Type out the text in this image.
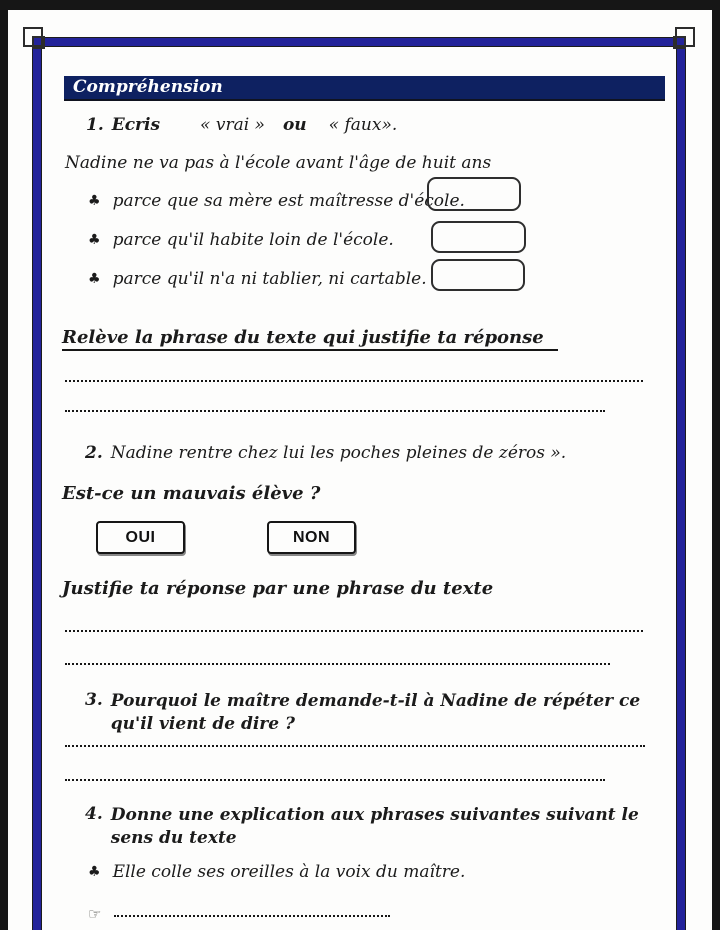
Compréhension
1. Ecris « vrai » ou « faux».
Nadine ne va pas à l'école avant l'âge de huit ans
♣ parce que sa mère est maîtresse d'école.
♣ parce qu'il habite loin de l'école.
♣ parce qu'il n'a ni tablier, ni cartable.
Relève la phrase du texte qui justifie ta réponse
2. Nadine rentre chez lui les poches pleines de zéros ».
Est-ce un mauvais élève ?
OUI	NON
Justifie ta réponse par une phrase du texte
3. Pourquoi le maître demande-t-il à Nadine de répéter ce qu'il vient de dire ?
4. Donne une explication aux phrases suivantes suivant le sens du texte
♣ Elle colle ses oreilles à la voix du maître.
☞
